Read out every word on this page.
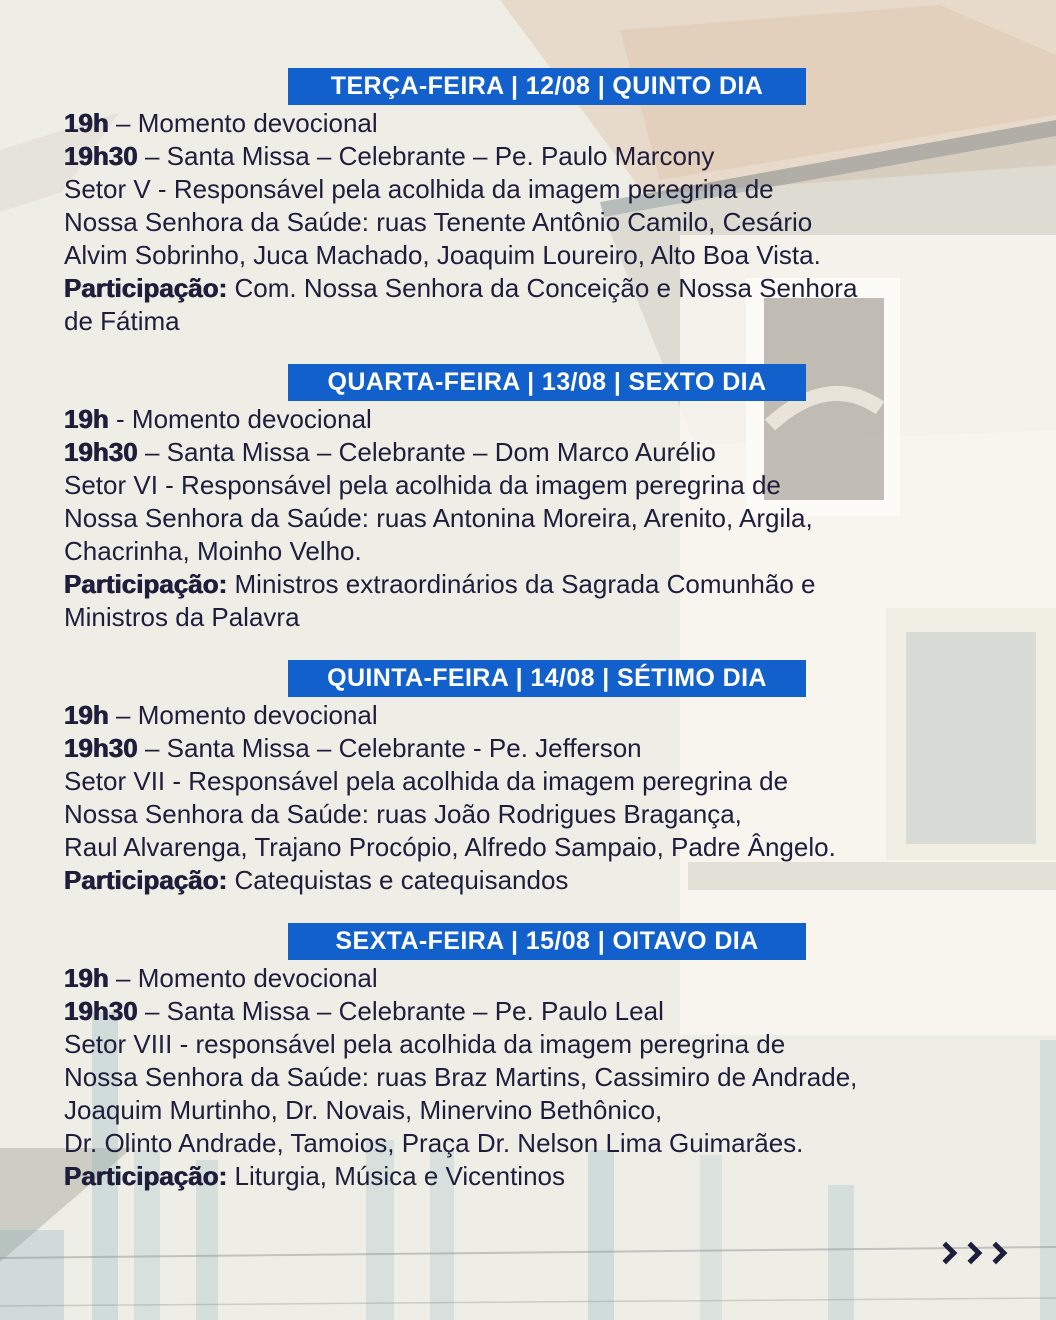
TERÇA-FEIRA | 12/08 | QUINTO DIA

19h – Momento devocional

19h30 – Santa Missa – Celebrante – Pe. Paulo Marcony

Setor V - Responsável pela acolhida da imagem peregrina de

Nossa Senhora da Saúde: ruas Tenente Antônio Camilo, Cesário

Alvim Sobrinho, Juca Machado, Joaquim Loureiro, Alto Boa Vista.

Participação: Com. Nossa Senhora da Conceição e Nossa Senhora

de Fátima

QUARTA-FEIRA | 13/08 | SEXTO DIA

19h - Momento devocional

19h30 – Santa Missa – Celebrante – Dom Marco Aurélio

Setor VI - Responsável pela acolhida da imagem peregrina de

Nossa Senhora da Saúde: ruas Antonina Moreira, Arenito, Argila,

Chacrinha, Moinho Velho.

Participação: Ministros extraordinários da Sagrada Comunhão e

Ministros da Palavra

QUINTA-FEIRA | 14/08 | SÉTIMO DIA

19h – Momento devocional

19h30 – Santa Missa – Celebrante - Pe. Jefferson

Setor VII - Responsável pela acolhida da imagem peregrina de

Nossa Senhora da Saúde: ruas João Rodrigues Bragança,

Raul Alvarenga, Trajano Procópio, Alfredo Sampaio, Padre Ângelo.

Participação: Catequistas e catequisandos

SEXTA-FEIRA | 15/08 | OITAVO DIA

19h – Momento devocional

19h30 – Santa Missa – Celebrante – Pe. Paulo Leal

Setor VIII - responsável pela acolhida da imagem peregrina de

Nossa Senhora da Saúde: ruas Braz Martins, Cassimiro de Andrade,

Joaquim Murtinho, Dr. Novais, Minervino Bethônico,

Dr. Olinto Andrade, Tamoios, Praça Dr. Nelson Lima Guimarães.

Participação: Liturgia, Música e Vicentinos
